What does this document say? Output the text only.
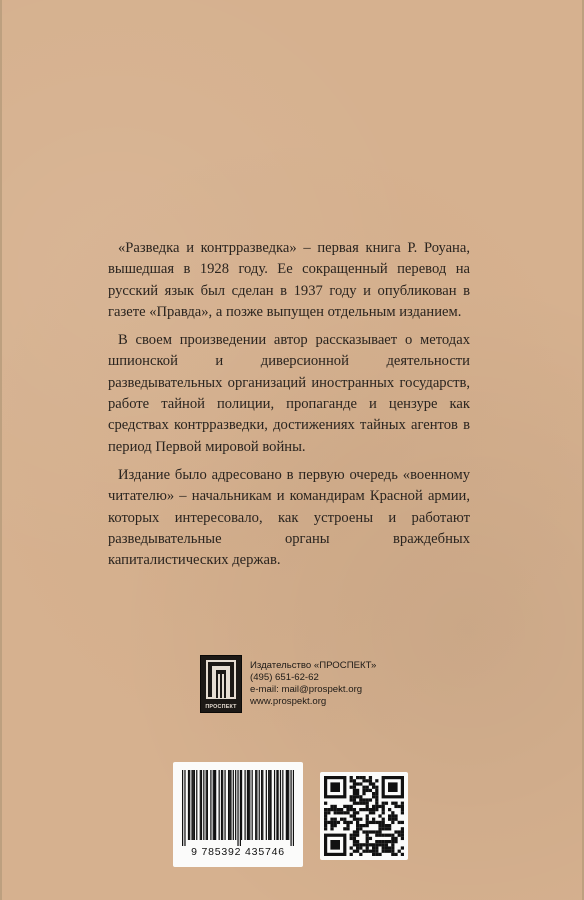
«Разведка и контрразведка» – первая книга Р. Роуана, вышедшая в 1928 году. Ее сокращенный перевод на русский язык был сделан в 1937 году и опубликован в газете «Правда», а позже выпущен отдельным изданием.

В своем произведении автор рассказывает о методах шпионской и диверсионной деятельности разведывательных организаций иностранных государств, работе тайной полиции, пропаганде и цензуре как средствах контрразведки, достижениях тайных агентов в период Первой мировой войны.

Издание было адресовано в первую очередь «военному читателю» – начальникам и командирам Красной армии, которых интересовало, как устроены и работают разведывательные органы враждебных капиталистических держав.

ПРОСПЕКТ
Издательство «ПРОСПЕКТ»
(495) 651-62-62
e-mail: mail@prospekt.org
www.prospekt.org
9 785392 435746
